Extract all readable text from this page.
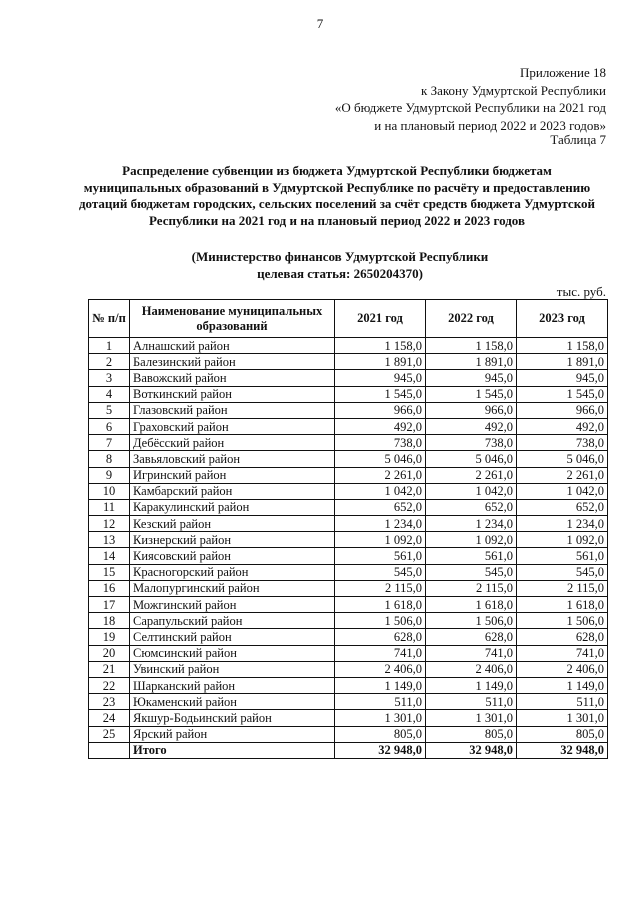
7
Приложение 18
к Закону Удмуртской Республики
«О бюджете Удмуртской Республики на 2021 год
и на плановый период 2022 и 2023 годов»
Таблица 7
Распределение субвенции из бюджета Удмуртской Республики бюджетам муниципальных образований в Удмуртской Республике по расчёту и предоставлению дотаций бюджетам городских, сельских поселений за счёт средств бюджета Удмуртской Республики на 2021 год и на плановый период 2022 и 2023 годов
(Министерство финансов Удмуртской Республики
целевая статья: 2650204370)
тыс. руб.
№ п/п	Наименование муниципальных образований	2021 год	2022 год	2023 год
1	Алнашский район	1 158,0	1 158,0	1 158,0
2	Балезинский район	1 891,0	1 891,0	1 891,0
3	Вавожский район	945,0	945,0	945,0
4	Воткинский район	1 545,0	1 545,0	1 545,0
5	Глазовский район	966,0	966,0	966,0
6	Граховский район	492,0	492,0	492,0
7	Дебёсский район	738,0	738,0	738,0
8	Завьяловский район	5 046,0	5 046,0	5 046,0
9	Игринский район	2 261,0	2 261,0	2 261,0
10	Камбарский район	1 042,0	1 042,0	1 042,0
11	Каракулинский район	652,0	652,0	652,0
12	Кезский район	1 234,0	1 234,0	1 234,0
13	Кизнерский район	1 092,0	1 092,0	1 092,0
14	Киясовский район	561,0	561,0	561,0
15	Красногорский район	545,0	545,0	545,0
16	Малопургинский район	2 115,0	2 115,0	2 115,0
17	Можгинский район	1 618,0	1 618,0	1 618,0
18	Сарапульский район	1 506,0	1 506,0	1 506,0
19	Селтинский район	628,0	628,0	628,0
20	Сюмсинский район	741,0	741,0	741,0
21	Увинский район	2 406,0	2 406,0	2 406,0
22	Шарканский район	1 149,0	1 149,0	1 149,0
23	Юкаменский район	511,0	511,0	511,0
24	Якшур-Бодьинский район	1 301,0	1 301,0	1 301,0
25	Ярский район	805,0	805,0	805,0
	Итого	32 948,0	32 948,0	32 948,0
